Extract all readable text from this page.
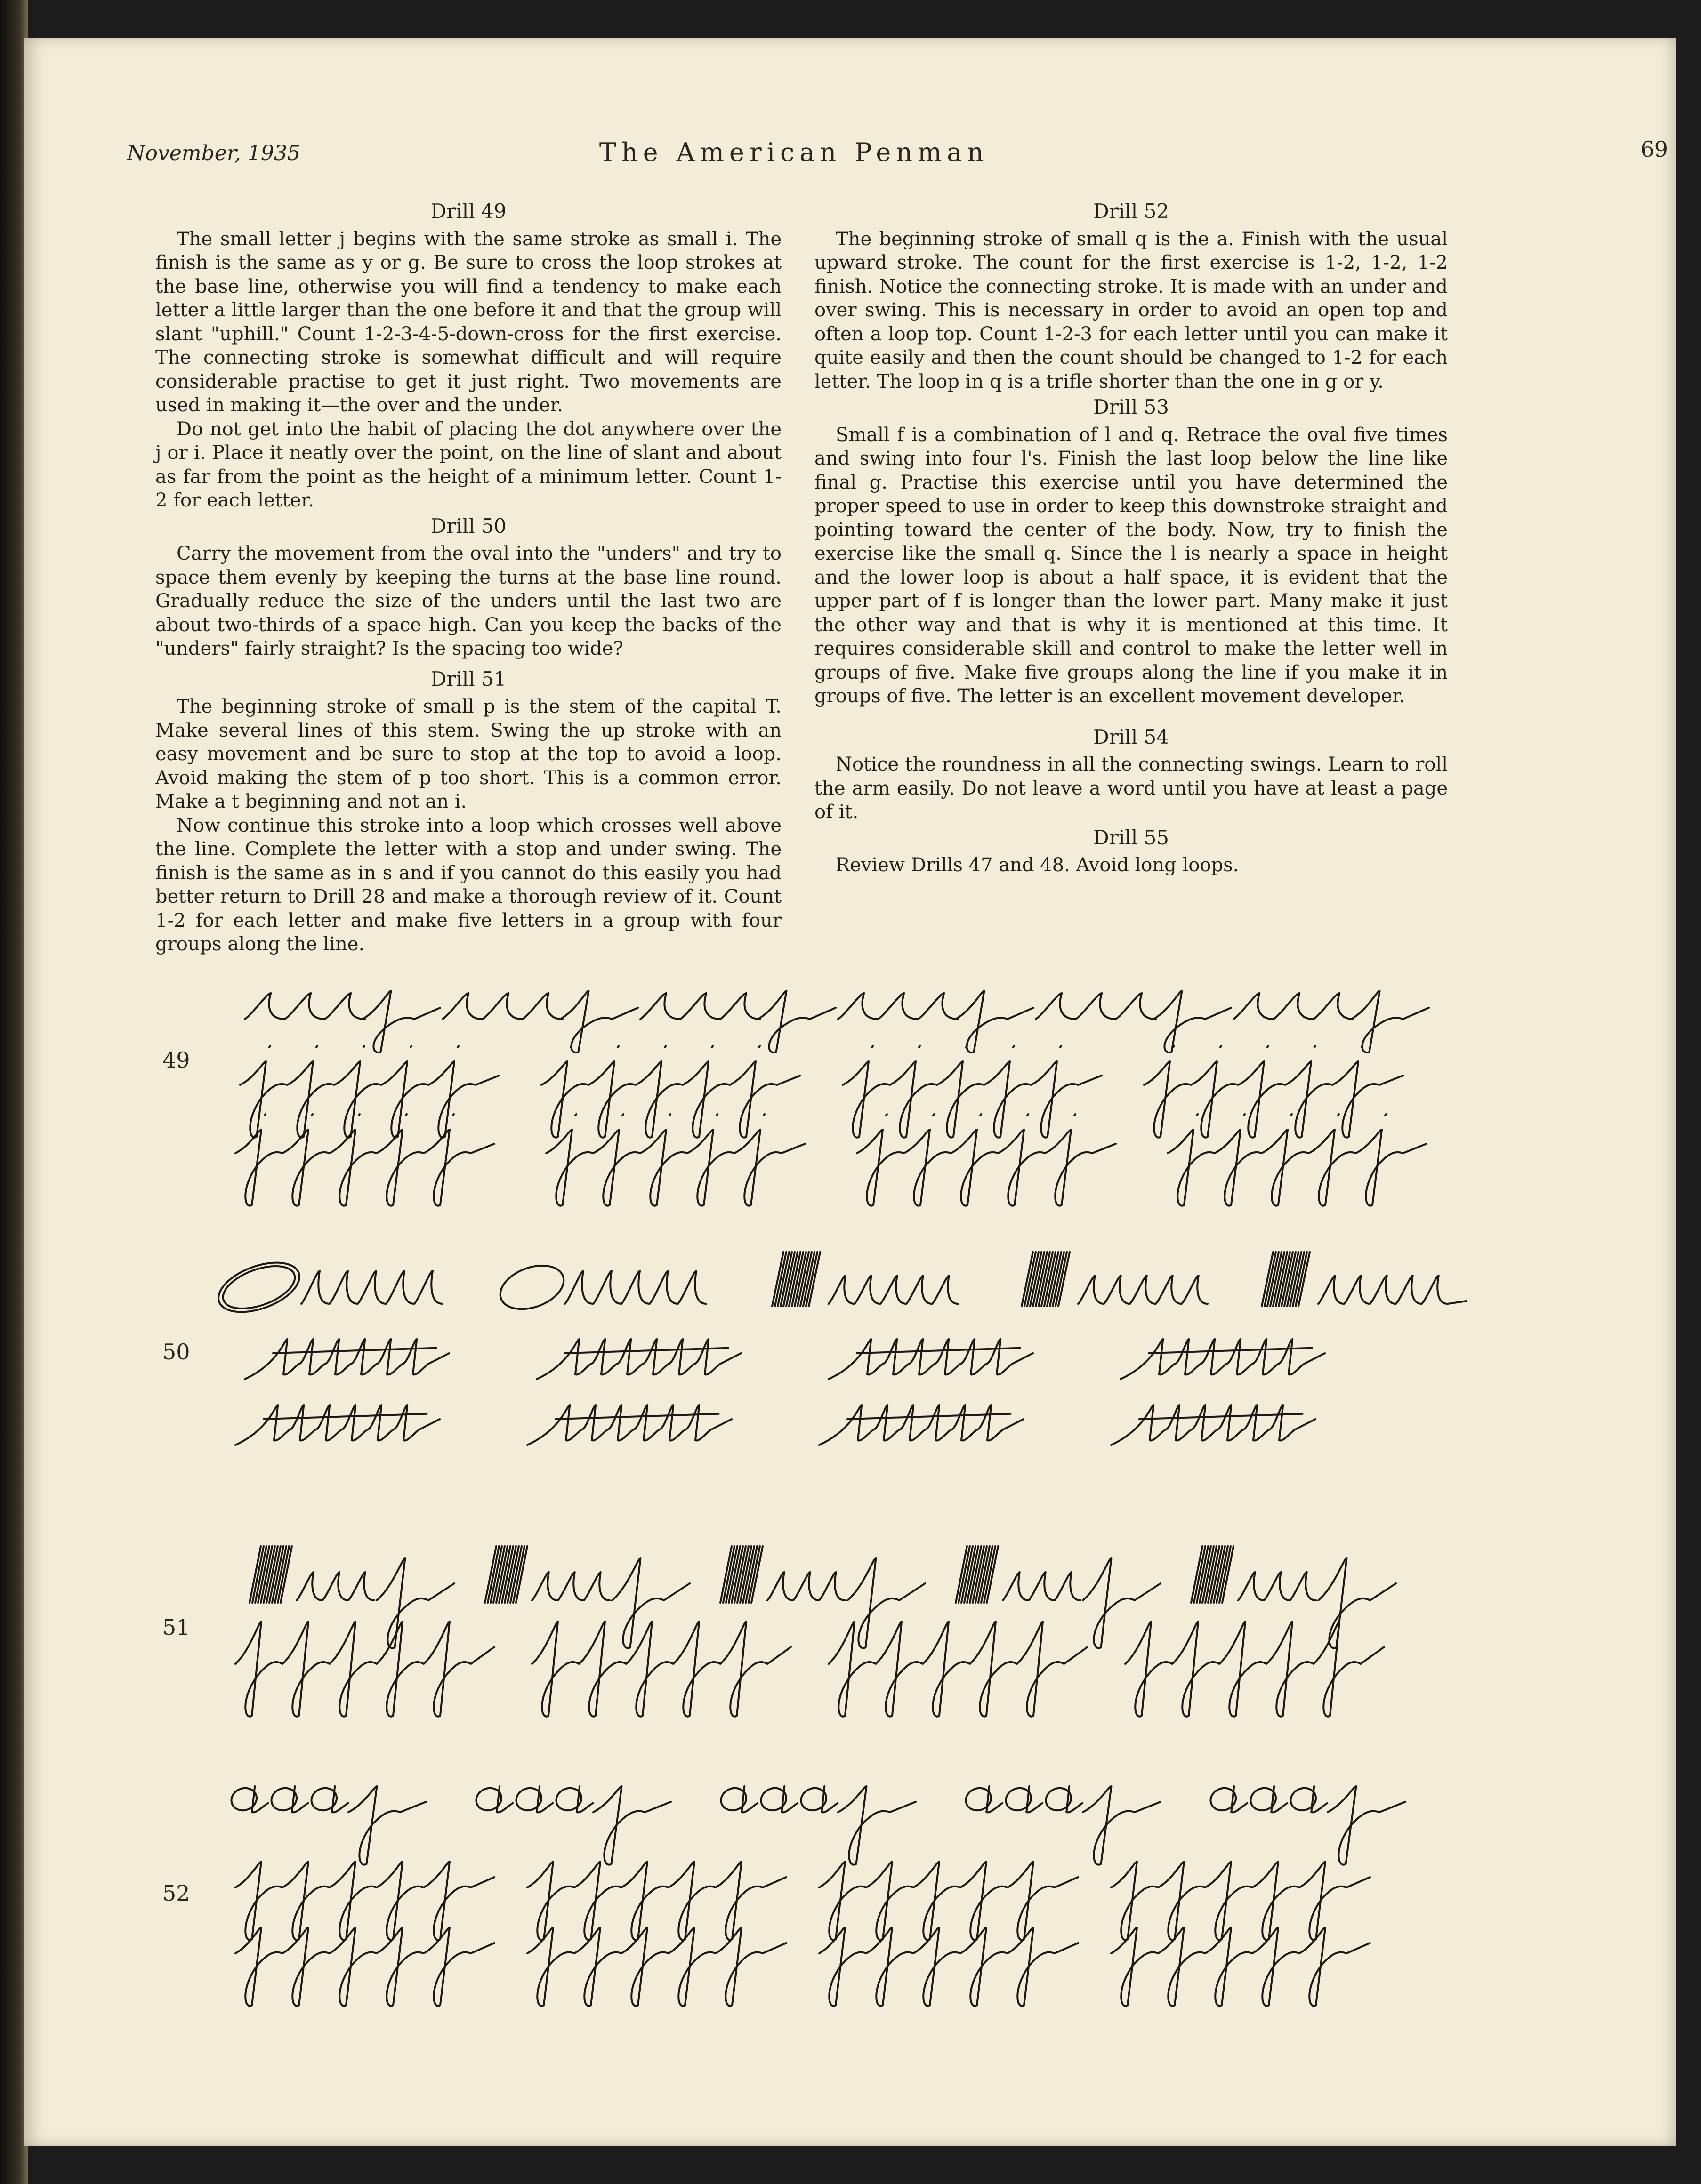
November, 1935	The American Penman	69
Drill 49

The small letter j begins with the same stroke as small i. The finish is the same as y or g. Be sure to cross the loop strokes at the base line, otherwise you will find a tendency to make each letter a little larger than the one before it and that the group will slant "uphill." Count 1-2-3-4-5-down-cross for the first exercise. The connecting stroke is somewhat difficult and will require considerable practise to get it just right. Two movements are used in making it—the over and the under.

Do not get into the habit of placing the dot anywhere over the j or i. Place it neatly over the point, on the line of slant and about as far from the point as the height of a minimum letter. Count 1-2 for each letter.

Drill 50

Carry the movement from the oval into the "unders" and try to space them evenly by keeping the turns at the base line round. Gradually reduce the size of the unders until the last two are about two-thirds of a space high. Can you keep the backs of the "unders" fairly straight? Is the spacing too wide?

Drill 51

The beginning stroke of small p is the stem of the capital T. Make several lines of this stem. Swing the up stroke with an easy movement and be sure to stop at the top to avoid a loop. Avoid making the stem of p too short. This is a common error. Make a t beginning and not an i.

Now continue this stroke into a loop which crosses well above the line. Complete the letter with a stop and under swing. The finish is the same as in s and if you cannot do this easily you had better return to Drill 28 and make a thorough review of it. Count 1-2 for each letter and make five letters in a group with four groups along the line.

Drill 52

The beginning stroke of small q is the a. Finish with the usual upward stroke. The count for the first exercise is 1-2, 1-2, 1-2 finish. Notice the connecting stroke. It is made with an under and over swing. This is necessary in order to avoid an open top and often a loop top. Count 1-2-3 for each letter until you can make it quite easily and then the count should be changed to 1-2 for each letter. The loop in q is a trifle shorter than the one in g or y.

Drill 53

Small f is a combination of l and q. Retrace the oval five times and swing into four l's. Finish the last loop below the line like final g. Practise this exercise until you have determined the proper speed to use in order to keep this downstroke straight and pointing toward the center of the body. Now, try to finish the exercise like the small q. Since the l is nearly a space in height and the lower loop is about a half space, it is evident that the upper part of f is longer than the lower part. Many make it just the other way and that is why it is mentioned at this time. It requires considerable skill and control to make the letter well in groups of five. Make five groups along the line if you make it in groups of five. The letter is an excellent movement developer.

Drill 54

Notice the roundness in all the connecting swings. Learn to roll the arm easily. Do not leave a word until you have at least a page of it.

Drill 55

Review Drills 47 and 48. Avoid long loops.

49
50
51
52
